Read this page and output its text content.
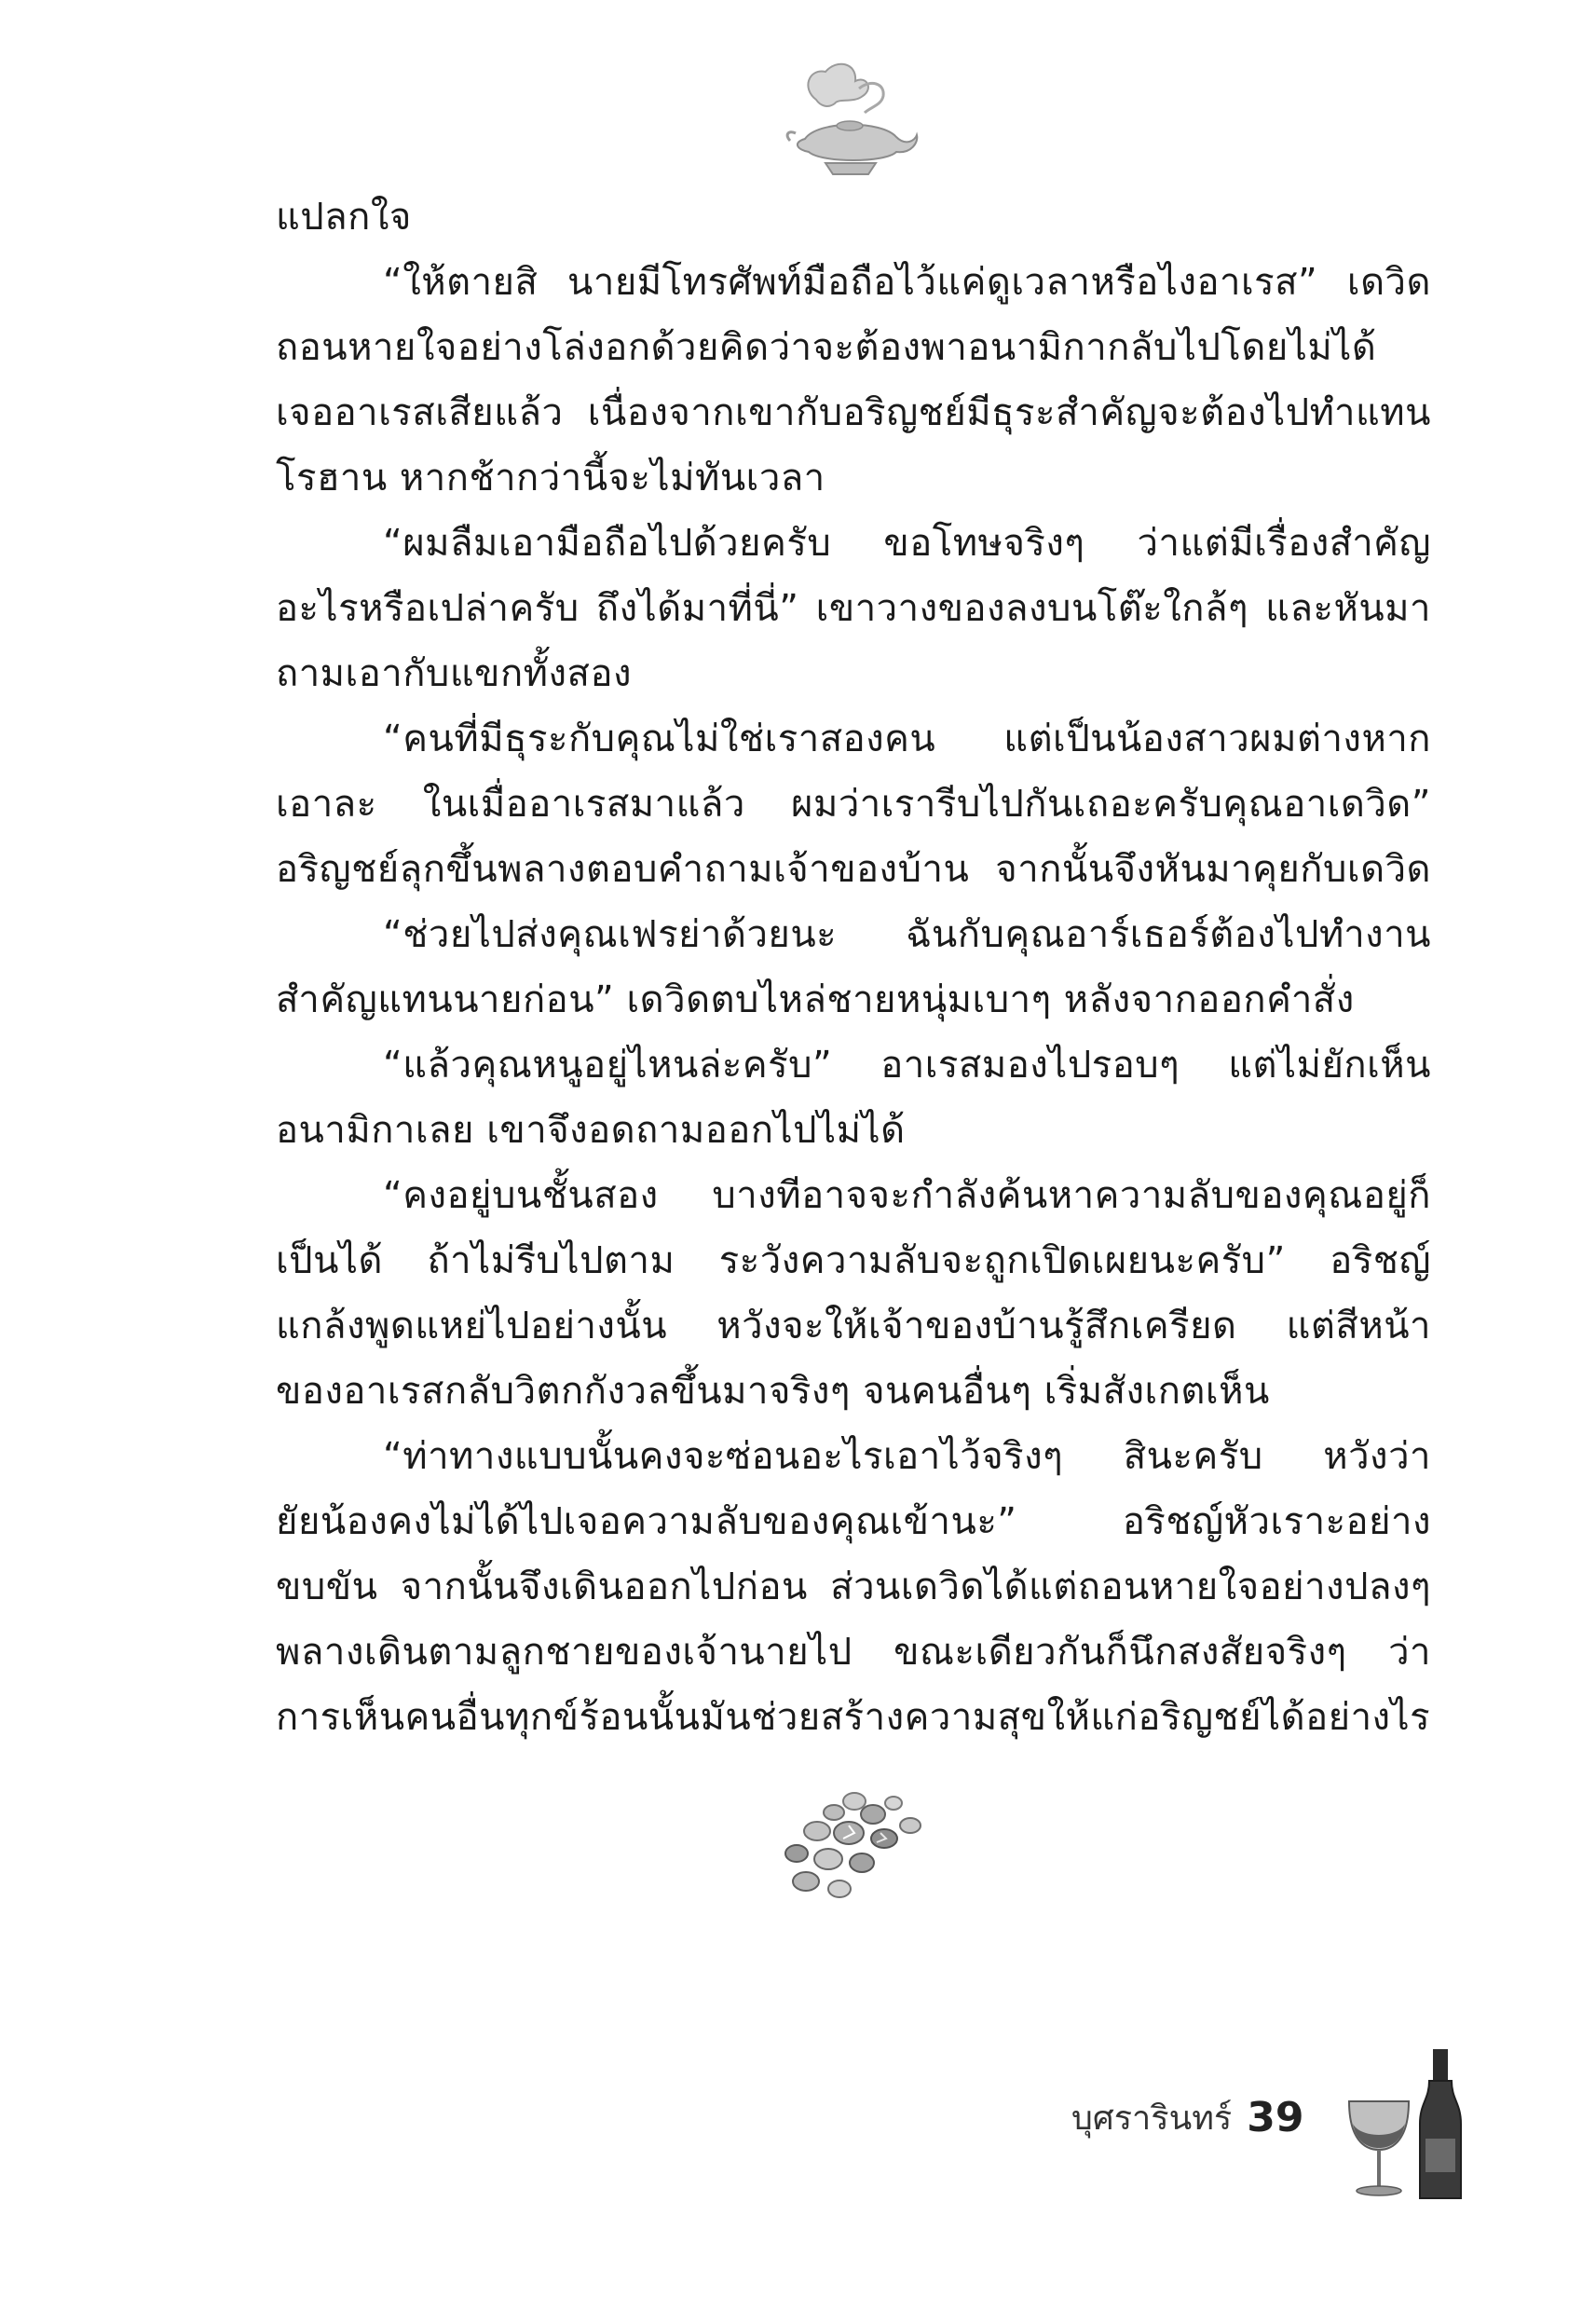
แปลกใจ
“ให้ตายสิ นายมีโทรศัพท์มือถือไว้แค่ดูเวลาหรือไงอาเรส” เดวิด
ถอนหายใจอย่างโล่งอกด้วยคิดว่าจะต้องพาอนามิกากลับไปโดยไม่ได้
เจออาเรสเสียแล้ว เนื่องจากเขากับอริญชย์มีธุระสำคัญจะต้องไปทำแทน
โรฮาน หากช้ากว่านี้จะไม่ทันเวลา
“ผมลืมเอามือถือไปด้วยครับ ขอโทษจริงๆ ว่าแต่มีเรื่องสำคัญ
อะไรหรือเปล่าครับ ถึงได้มาที่นี่” เขาวางของลงบนโต๊ะใกล้ๆ และหันมา
ถามเอากับแขกทั้งสอง
“คนที่มีธุระกับคุณไม่ใช่เราสองคน แต่เป็นน้องสาวผมต่างหาก
เอาละ ในเมื่ออาเรสมาแล้ว ผมว่าเรารีบไปกันเถอะครับคุณอาเดวิด”
อริญชย์ลุกขึ้นพลางตอบคำถามเจ้าของบ้าน จากนั้นจึงหันมาคุยกับเดวิด
“ช่วยไปส่งคุณเฟรย่าด้วยนะ ฉันกับคุณอาร์เธอร์ต้องไปทำงาน
สำคัญแทนนายก่อน” เดวิดตบไหล่ชายหนุ่มเบาๆ หลังจากออกคำสั่ง
“แล้วคุณหนูอยู่ไหนล่ะครับ” อาเรสมองไปรอบๆ แต่ไม่ยักเห็น
อนามิกาเลย เขาจึงอดถามออกไปไม่ได้
“คงอยู่บนชั้นสอง บางทีอาจจะกำลังค้นหาความลับของคุณอยู่ก็
เป็นได้ ถ้าไม่รีบไปตาม ระวังความลับจะถูกเปิดเผยนะครับ” อริชญ์
แกล้งพูดแหย่ไปอย่างนั้น หวังจะให้เจ้าของบ้านรู้สึกเครียด แต่สีหน้า
ของอาเรสกลับวิตกกังวลขึ้นมาจริงๆ จนคนอื่นๆ เริ่มสังเกตเห็น
“ท่าทางแบบนั้นคงจะซ่อนอะไรเอาไว้จริงๆ สินะครับ หวังว่า
ยัยน้องคงไม่ได้ไปเจอความลับของคุณเข้านะ” อริชญ์หัวเราะอย่าง
ขบขัน จากนั้นจึงเดินออกไปก่อน ส่วนเดวิดได้แต่ถอนหายใจอย่างปลงๆ
พลางเดินตามลูกชายของเจ้านายไป ขณะเดียวกันก็นึกสงสัยจริงๆ ว่า
การเห็นคนอื่นทุกข์ร้อนนั้นมันช่วยสร้างความสุขให้แก่อริญชย์ได้อย่างไร
บุศรารินทร์ 39
